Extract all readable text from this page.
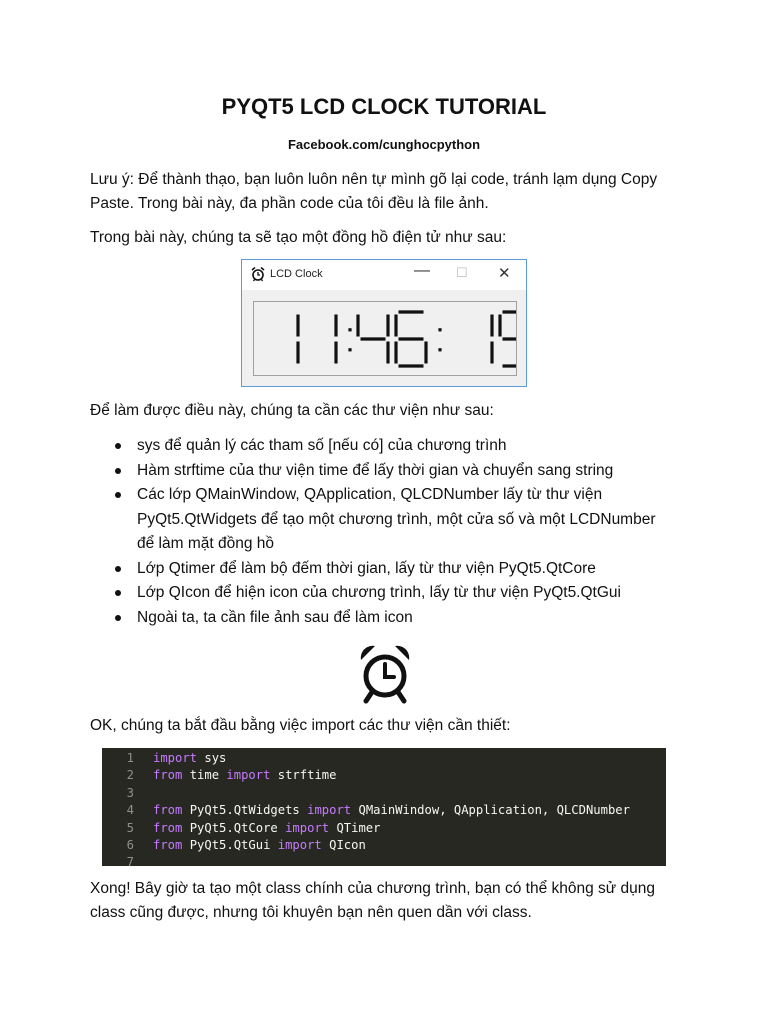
PYQT5 LCD CLOCK TUTORIAL
Facebook.com/cunghocpython
Lưu ý: Để thành thạo, bạn luôn luôn nên tự mình gõ lại code, tránh lạm dụng Copy
Paste. Trong bài này, đa phần code của tôi đều là file ảnh.
Trong bài này, chúng ta sẽ tạo một đồng hồ điện tử như sau:
LCD Clock	— ☐ ✕
Để làm được điều này, chúng ta cần các thư viện như sau:
sys để quản lý các tham số [nếu có] của chương trình
Hàm strftime của thư viện time để lấy thời gian và chuyển sang string
Các lớp QMainWindow, QApplication, QLCDNumber lấy từ thư viện
PyQt5.QtWidgets để tạo một chương trình, một cửa số và một LCDNumber
để làm mặt đồng hồ
Lớp Qtimer để làm bộ đếm thời gian, lấy từ thư viện PyQt5.QtCore
Lớp QIcon để hiện icon của chương trình, lấy từ thư viện PyQt5.QtGui
Ngoài ta, ta cần file ảnh sau để làm icon
OK, chúng ta bắt đầu bằng việc import các thư viện cần thiết:
1 import sys
2 from time import strftime
3
4 from PyQt5.QtWidgets import QMainWindow, QApplication, QLCDNumber
5 from PyQt5.QtCore import QTimer
6 from PyQt5.QtGui import QIcon
7
Xong! Bây giờ ta tạo một class chính của chương trình, bạn có thể không sử dụng
class cũng được, nhưng tôi khuyên bạn nên quen dần với class.
